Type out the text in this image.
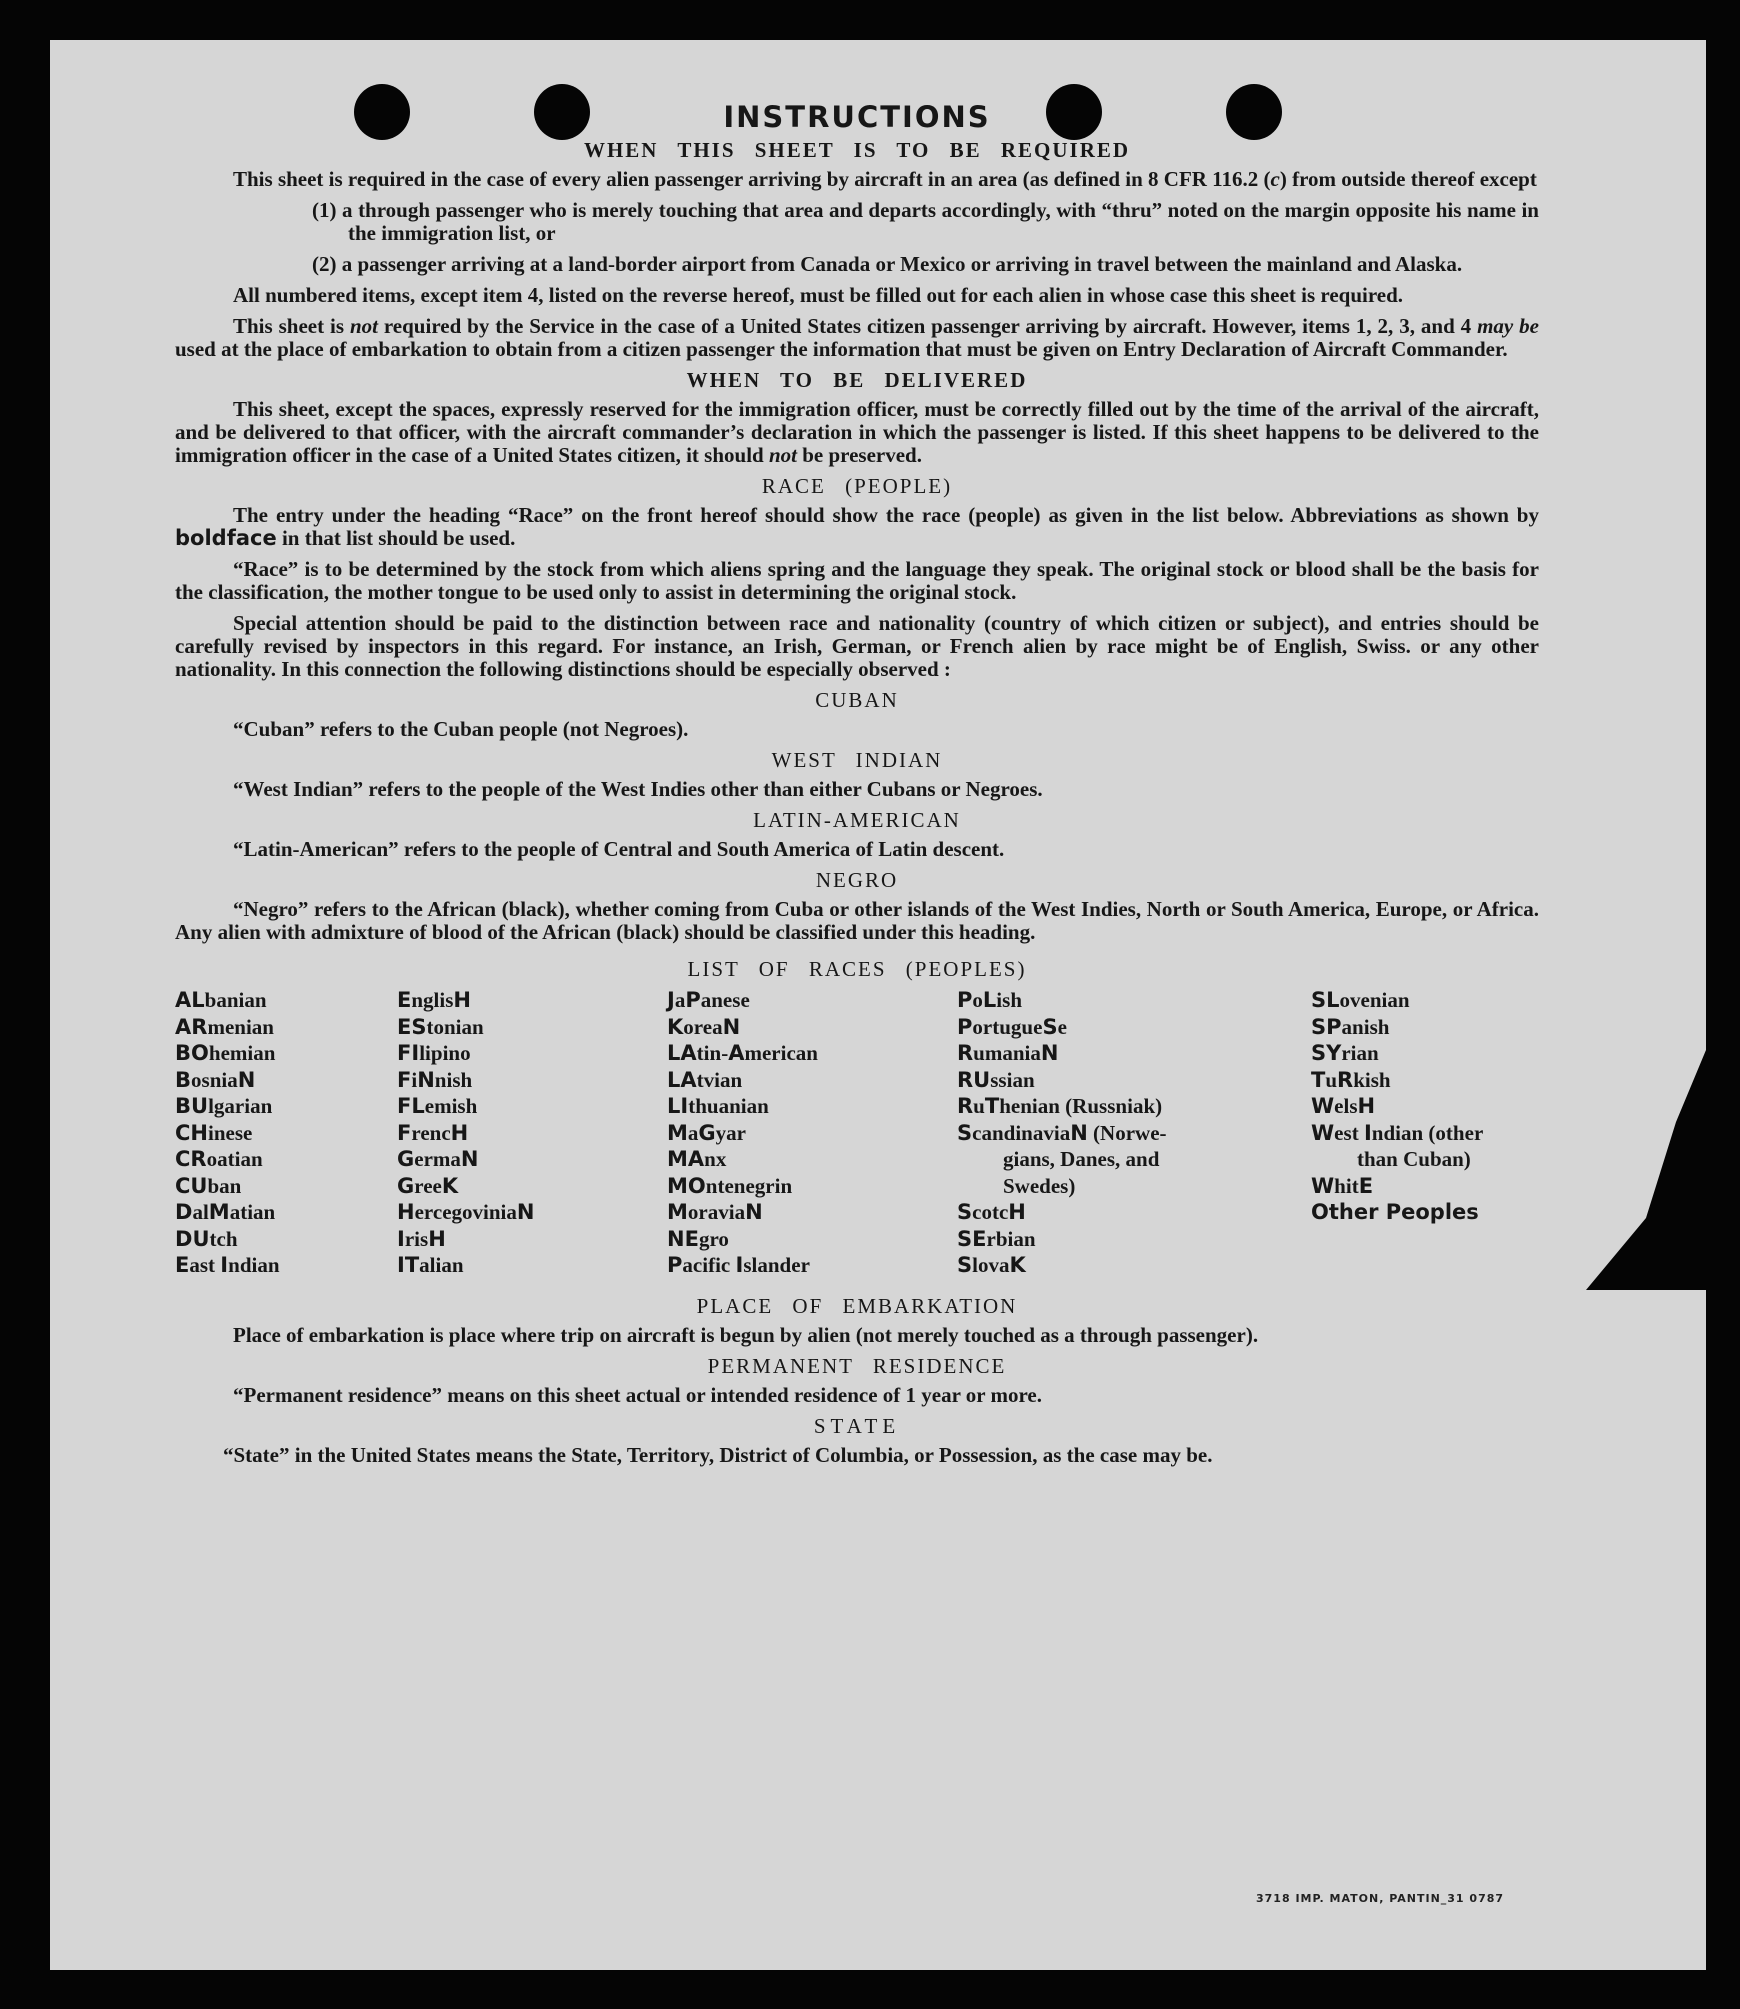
INSTRUCTIONS
WHEN THIS SHEET IS TO BE REQUIRED

This sheet is required in the case of every alien passenger arriving by aircraft in an area (as defined in 8 CFR 116.2 (c) from outside thereof except

(1) a through passenger who is merely touching that area and departs accordingly, with “thru” noted on the margin opposite his name in the immigration list, or
(2) a passenger arriving at a land-border airport from Canada or Mexico or arriving in travel between the mainland and Alaska.

All numbered items, except item 4, listed on the reverse hereof, must be filled out for each alien in whose case this sheet is required.

This sheet is not required by the Service in the case of a United States citizen passenger arriving by aircraft. However, items 1, 2, 3, and 4 may be used at the place of embarkation to obtain from a citizen passenger the information that must be given on Entry Declaration of Aircraft Commander.

WHEN TO BE DELIVERED

This sheet, except the spaces, expressly reserved for the immigration officer, must be correctly filled out by the time of the arrival of the aircraft, and be delivered to that officer, with the aircraft commander’s declaration in which the passenger is listed. If this sheet happens to be delivered to the immigration officer in the case of a United States citizen, it should not be preserved.

RACE (PEOPLE)

The entry under the heading “Race” on the front hereof should show the race (people) as given in the list below. Abbreviations as shown by boldface in that list should be used.

“Race” is to be determined by the stock from which aliens spring and the language they speak. The original stock or blood shall be the basis for the classification, the mother tongue to be used only to assist in determining the original stock.

Special attention should be paid to the distinction between race and nationality (country of which citizen or subject), and entries should be carefully revised by inspectors in this regard. For instance, an Irish, German, or French alien by race might be of English, Swiss. or any other nationality. In this connection the following distinctions should be especially observed :

CUBAN
“Cuban” refers to the Cuban people (not Negroes).
WEST INDIAN
“West Indian” refers to the people of the West Indies other than either Cubans or Negroes.
LATIN-AMERICAN
“Latin-American” refers to the people of Central and South America of Latin descent.
NEGRO

“Negro” refers to the African (black), whether coming from Cuba or other islands of the West Indies, North or South America, Europe, or Africa. Any alien with admixture of blood of the African (black) should be classified under this heading.

LIST OF RACES (PEOPLES)
ALbanian
ARmenian
BOhemian
BosniaN
BUlgarian
CHinese
CRoatian
CUban
DalMatian
DUtch
East Indian
EnglisH
EStonian
FIlipino
FiNnish
FLemish
FrencH
GermaN
GreeK
HercegoviniaN
IrisH
ITalian
JaPanese
KoreaN
LAtin-American
LAtvian
LIthuanian
MaGyar
MAnx
MOntenegrin
MoraviaN
NEgro
Pacific Islander
PoLish
PortugueSe
RumaniaN
RUssian
RuThenian (Russniak)
ScandinaviaN (Norwe-
gians, Danes, and
Swedes)
ScotcH
SErbian
SlovaK
SLovenian
SPanish
SYrian
TuRkish
WelsH
West Indian (other
than Cuban)
WhitE
Other Peoples
PLACE OF EMBARKATION

Place of embarkation is place where trip on aircraft is begun by alien (not merely touched as a through passenger).

PERMANENT RESIDENCE
“Permanent residence” means on this sheet actual or intended residence of 1 year or more.
STATE
“State” in the United States means the State, Territory, District of Columbia, or Possession, as the case may be.
3718 IMP. MATON, PANTIN_31 0787
